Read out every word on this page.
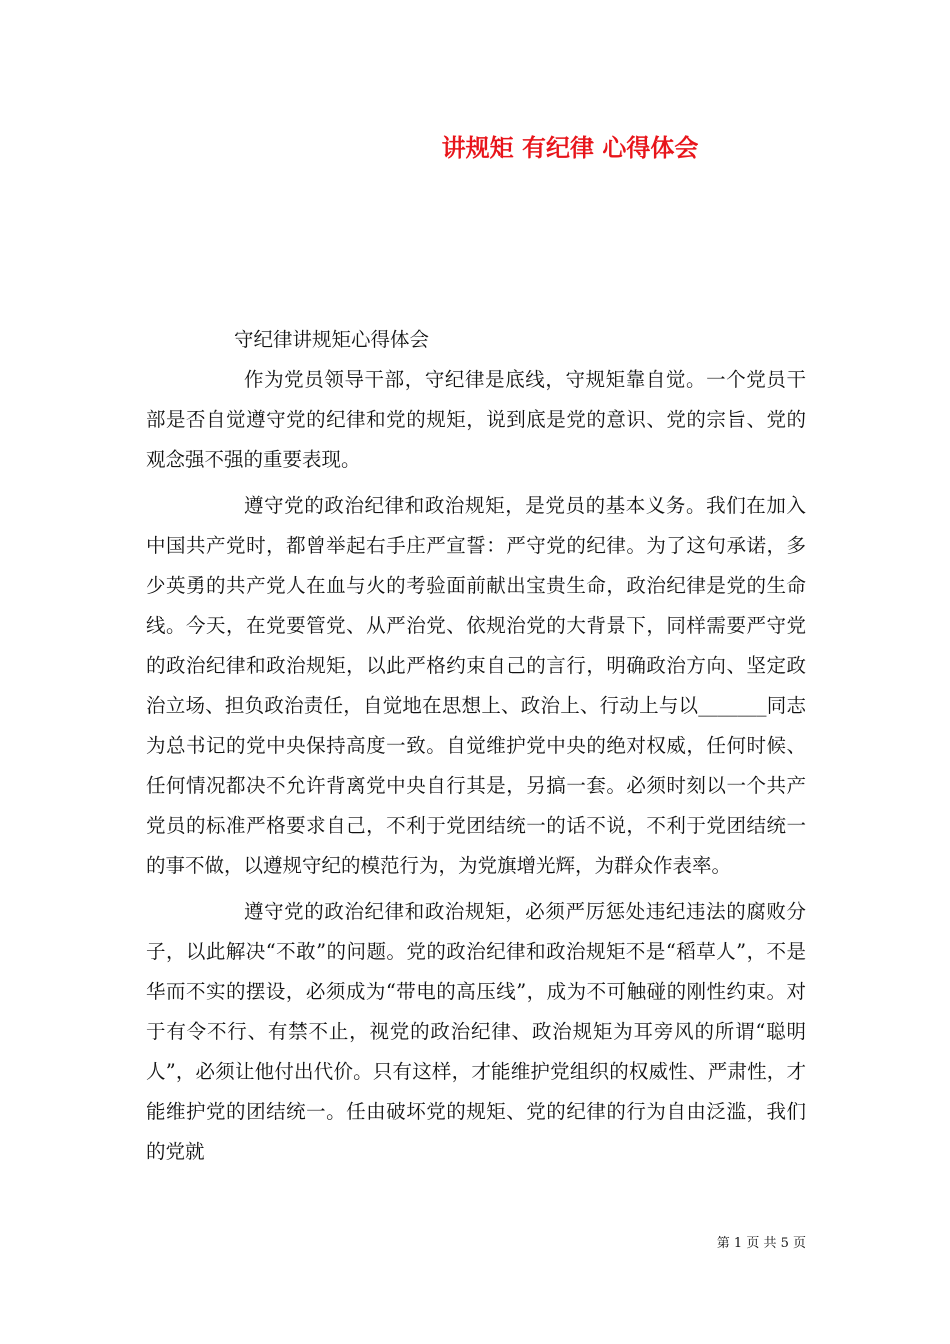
讲规矩 有纪律 心得体会

守纪律讲规矩心得体会

作为党员领导干部，守纪律是底线，守规矩靠自觉。一个党员干部是否自觉遵守党的纪律和党的规矩，说到底是党的意识、党的宗旨、党的观念强不强的重要表现。

遵守党的政治纪律和政治规矩，是党员的基本义务。我们在加入中国共产党时，都曾举起右手庄严宣誓：严守党的纪律。为了这句承诺，多少英勇的共产党人在血与火的考验面前献出宝贵生命，政治纪律是党的生命线。今天，在党要管党、从严治党、依规治党的大背景下，同样需要严守党的政治纪律和政治规矩，以此严格约束自己的言行，明确政治方向、坚定政治立场、担负政治责任，自觉地在思想上、政治上、行动上与以_______同志为总书记的党中央保持高度一致。自觉维护党中央的绝对权威，任何时候、任何情况都决不允许背离党中央自行其是，另搞一套。必须时刻以一个共产党员的标准严格要求自己，不利于党团结统一的话不说，不利于党团结统一的事不做，以遵规守纪的模范行为，为党旗增光辉，为群众作表率。

遵守党的政治纪律和政治规矩，必须严厉惩处违纪违法的腐败分子，以此解决“不敢”的问题。党的政治纪律和政治规矩不是“稻草人”，不是华而不实的摆设，必须成为“带电的高压线”，成为不可触碰的刚性约束。对于有令不行、有禁不止，视党的政治纪律、政治规矩为耳旁风的所谓“聪明人”，必须让他付出代价。只有这样，才能维护党组织的权威性、严肃性，才能维护党的团结统一。任由破坏党的规矩、党的纪律的行为自由泛滥，我们的党就

第 1 页 共 5 页
